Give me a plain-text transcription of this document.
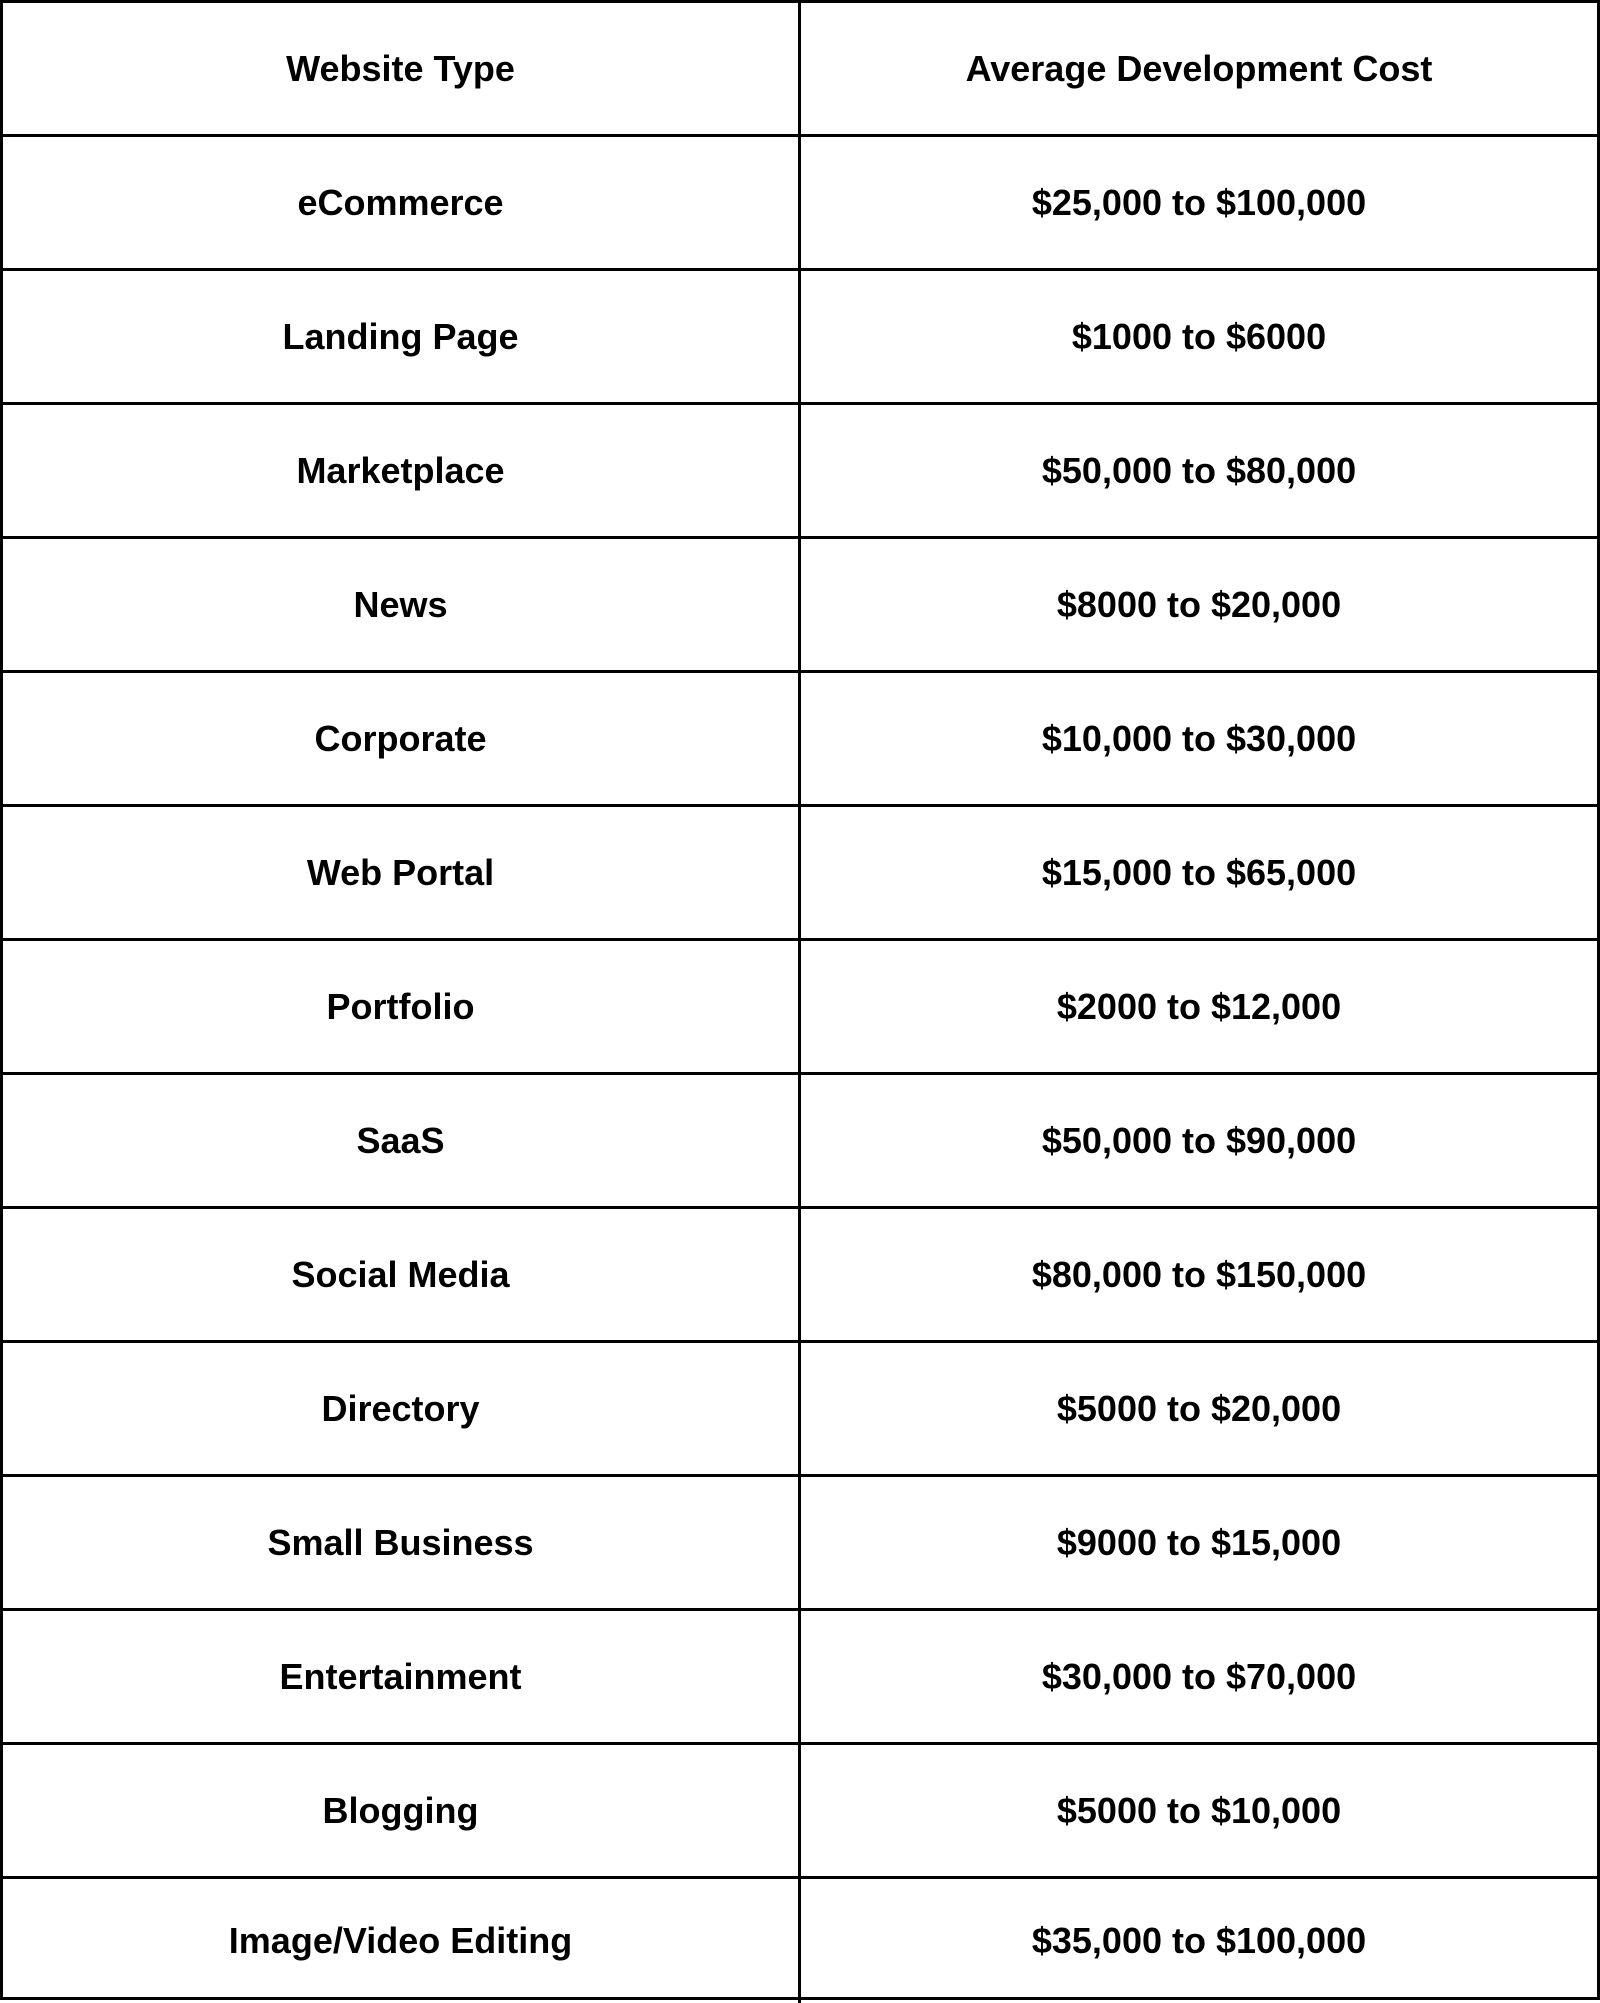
Website Type	Average Development Cost
eCommerce	$25,000 to $100,000
Landing Page	$1000 to $6000
Marketplace	$50,000 to $80,000
News	$8000 to $20,000
Corporate	$10,000 to $30,000
Web Portal	$15,000 to $65,000
Portfolio	$2000 to $12,000
SaaS	$50,000 to $90,000
Social Media	$80,000 to $150,000
Directory	$5000 to $20,000
Small Business	$9000 to $15,000
Entertainment	$30,000 to $70,000
Blogging	$5000 to $10,000
Image/Video Editing	$35,000 to $100,000
